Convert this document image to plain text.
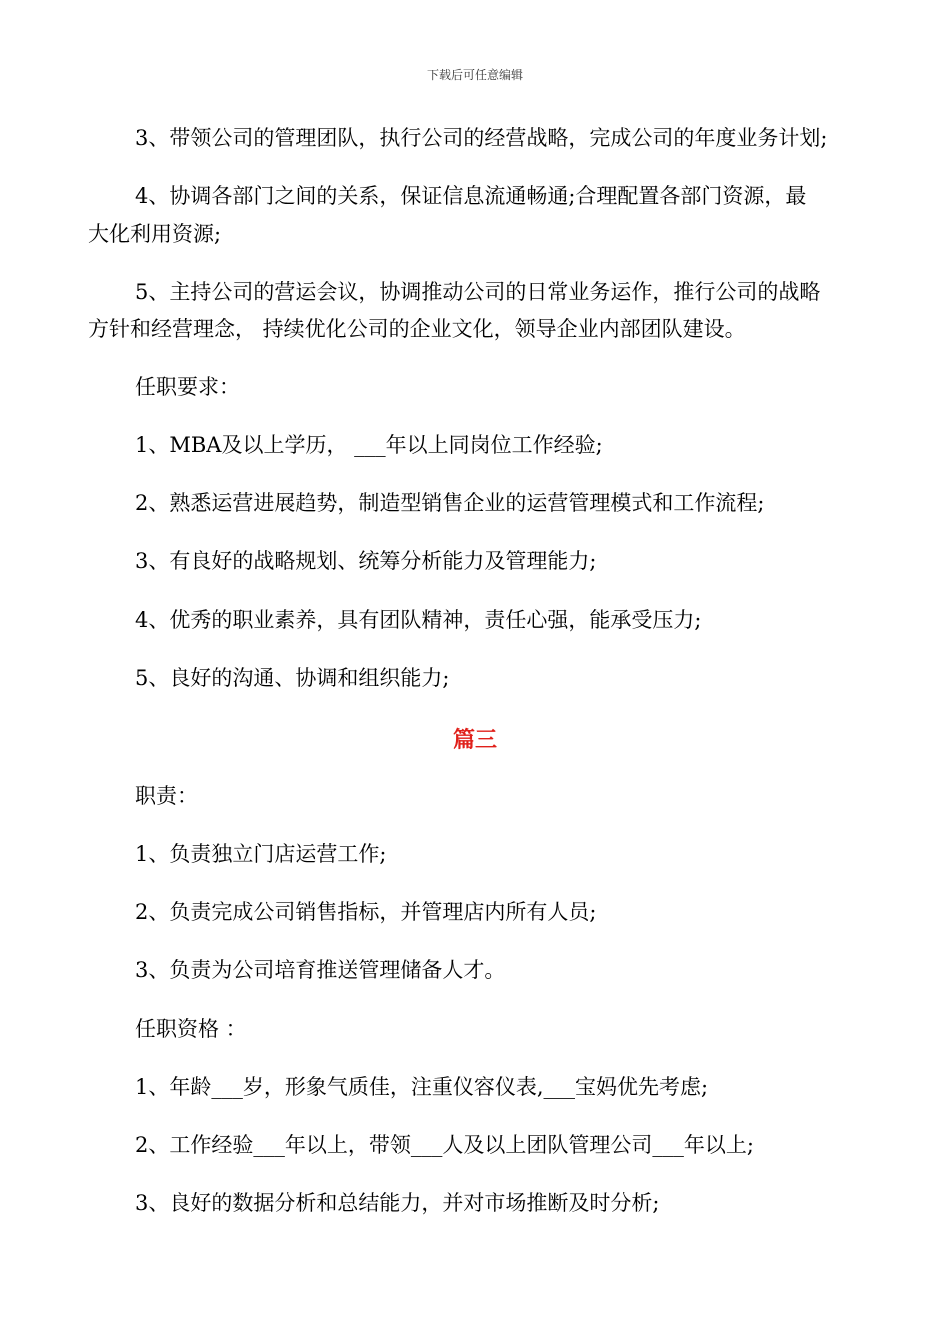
下载后可任意编辑
3、带领公司的管理团队，执行公司的经营战略，完成公司的年度业务计划;
4、协调各部门之间的关系，保证信息流通畅通;合理配置各部门资源，最
大化利用资源;
5、主持公司的营运会议，协调推动公司的日常业务运作，推行公司的战略
方针和经营理念， 持续优化公司的企业文化，领导企业内部团队建设。
任职要求：
1、MBA及以上学历， ___年以上同岗位工作经验;
2、熟悉运营进展趋势，制造型销售企业的运营管理模式和工作流程;
3、有良好的战略规划、统筹分析能力及管理能力;
4、优秀的职业素养，具有团队精神，责任心强，能承受压力;
5、良好的沟通、协调和组织能力;
篇三
职责：
1、负责独立门店运营工作;
2、负责完成公司销售指标，并管理店内所有人员;
3、负责为公司培育推送管理储备人才。
任职资格 ：
1、年龄___岁，形象气质佳，注重仪容仪表,___宝妈优先考虑;
2、工作经验___年以上，带领___人及以上团队管理公司___年以上;
3、良好的数据分析和总结能力，并对市场推断及时分析;
